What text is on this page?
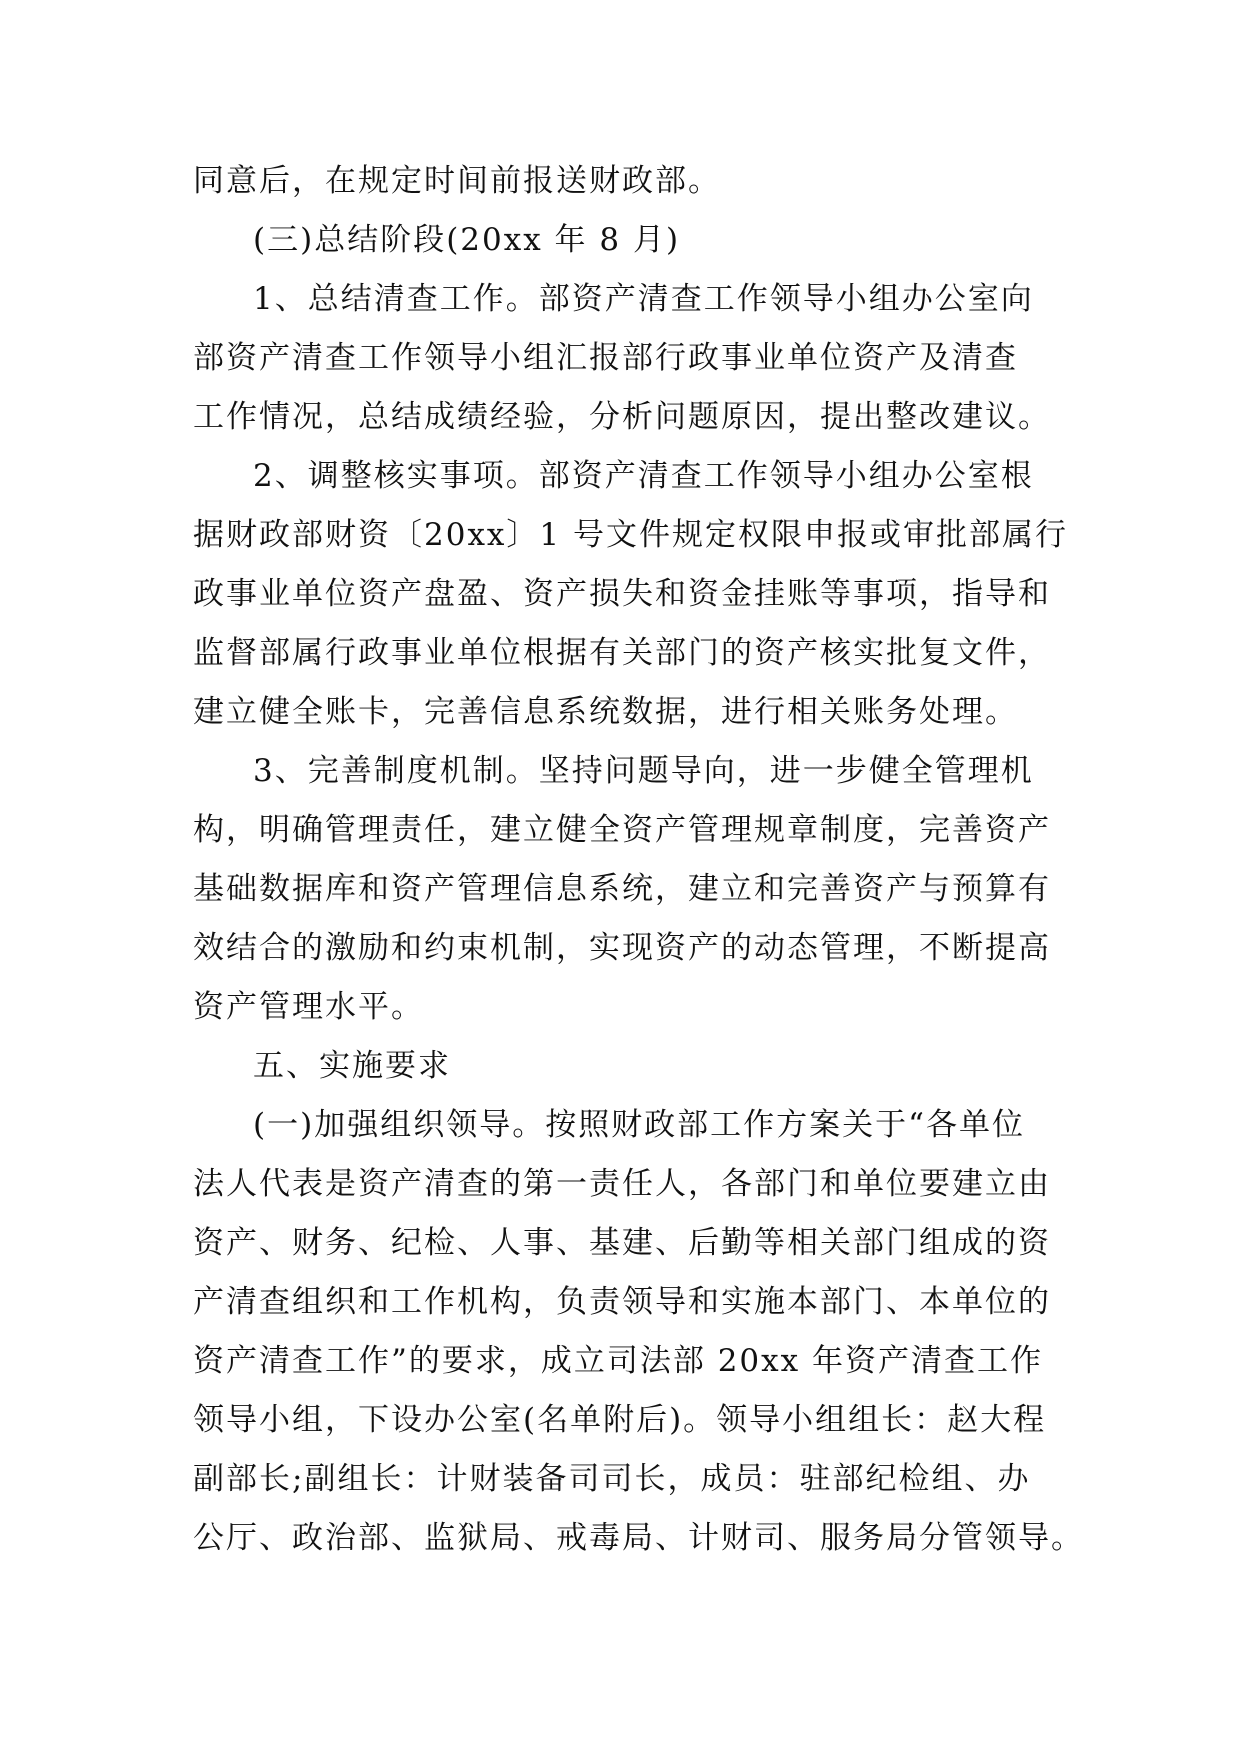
同意后，在规定时间前报送财政部。
(三)总结阶段(20xx 年 8 月)
1、总结清查工作。部资产清查工作领导小组办公室向
部资产清查工作领导小组汇报部行政事业单位资产及清查
工作情况，总结成绩经验，分析问题原因，提出整改建议。
2、调整核实事项。部资产清查工作领导小组办公室根
据财政部财资〔20xx〕1 号文件规定权限申报或审批部属行
政事业单位资产盘盈、资产损失和资金挂账等事项，指导和
监督部属行政事业单位根据有关部门的资产核实批复文件，
建立健全账卡，完善信息系统数据，进行相关账务处理。
3、完善制度机制。坚持问题导向，进一步健全管理机
构，明确管理责任，建立健全资产管理规章制度，完善资产
基础数据库和资产管理信息系统，建立和完善资产与预算有
效结合的激励和约束机制，实现资产的动态管理，不断提高
资产管理水平。
五、实施要求
(一)加强组织领导。按照财政部工作方案关于“各单位
法人代表是资产清查的第一责任人，各部门和单位要建立由
资产、财务、纪检、人事、基建、后勤等相关部门组成的资
产清查组织和工作机构，负责领导和实施本部门、本单位的
资产清查工作”的要求，成立司法部 20xx 年资产清查工作
领导小组，下设办公室(名单附后)。领导小组组长：赵大程
副部长;副组长：计财装备司司长，成员：驻部纪检组、办
公厅、政治部、监狱局、戒毒局、计财司、服务局分管领导。
